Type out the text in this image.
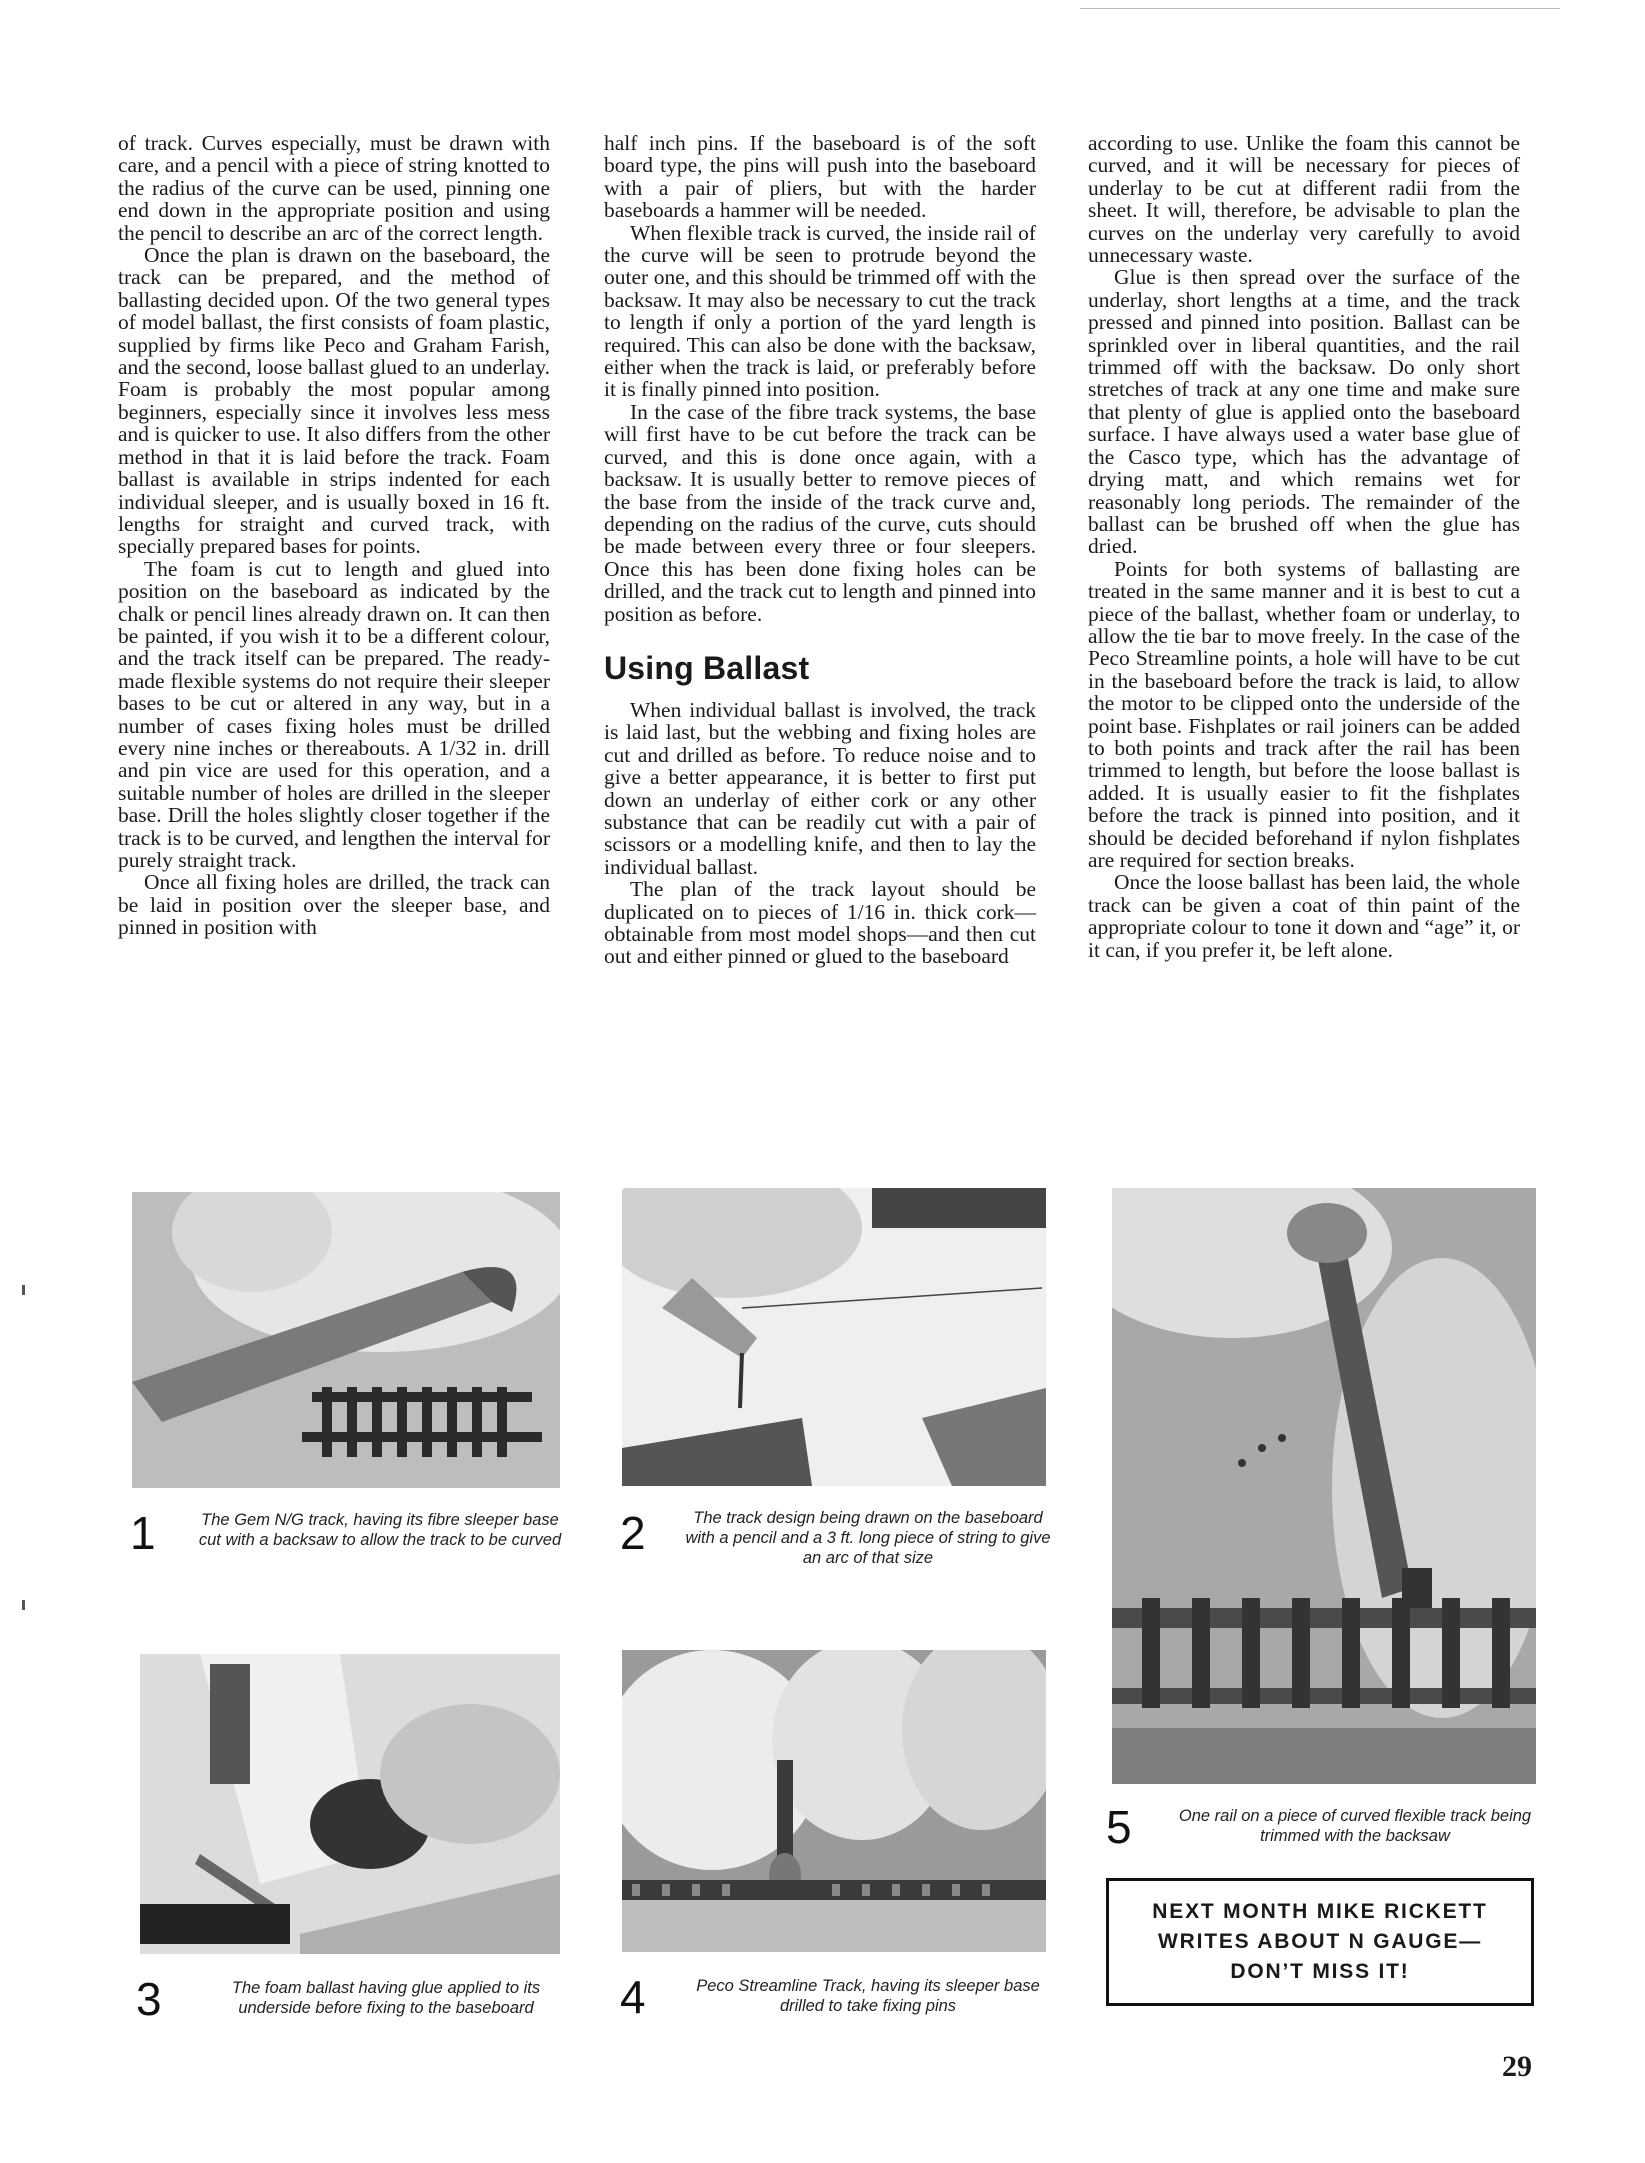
of track. Curves especially, must be drawn with care, and a pencil with a piece of string knotted to the radius of the curve can be used, pinning one end down in the appropriate position and using the pencil to describe an arc of the correct length.

Once the plan is drawn on the baseboard, the track can be prepared, and the method of ballasting decided upon. Of the two general types of model ballast, the first consists of foam plastic, supplied by firms like Peco and Graham Farish, and the second, loose ballast glued to an underlay. Foam is probably the most popular among beginners, especially since it involves less mess and is quicker to use. It also differs from the other method in that it is laid before the track. Foam ballast is available in strips indented for each individual sleeper, and is usually boxed in 16 ft. lengths for straight and curved track, with specially prepared bases for points.

The foam is cut to length and glued into position on the baseboard as indicated by the chalk or pencil lines already drawn on. It can then be painted, if you wish it to be a different colour, and the track itself can be prepared. The ready-made flexible systems do not require their sleeper bases to be cut or altered in any way, but in a number of cases fixing holes must be drilled every nine inches or thereabouts. A 1/32 in. drill and pin vice are used for this operation, and a suitable number of holes are drilled in the sleeper base. Drill the holes slightly closer together if the track is to be curved, and lengthen the interval for purely straight track.

Once all fixing holes are drilled, the track can be laid in position over the sleeper base, and pinned in position with

half inch pins. If the baseboard is of the soft board type, the pins will push into the baseboard with a pair of pliers, but with the harder baseboards a hammer will be needed.

When flexible track is curved, the inside rail of the curve will be seen to protrude beyond the outer one, and this should be trimmed off with the backsaw. It may also be necessary to cut the track to length if only a portion of the yard length is required. This can also be done with the backsaw, either when the track is laid, or preferably before it is finally pinned into position.

In the case of the fibre track systems, the base will first have to be cut before the track can be curved, and this is done once again, with a backsaw. It is usually better to remove pieces of the base from the inside of the track curve and, depending on the radius of the curve, cuts should be made between every three or four sleepers. Once this has been done fixing holes can be drilled, and the track cut to length and pinned into position as before.

Using Ballast

When individual ballast is involved, the track is laid last, but the webbing and fixing holes are cut and drilled as before. To reduce noise and to give a better appearance, it is better to first put down an underlay of either cork or any other substance that can be readily cut with a pair of scissors or a modelling knife, and then to lay the individual ballast.

The plan of the track layout should be duplicated on to pieces of 1/16 in. thick cork—obtainable from most model shops—and then cut out and either pinned or glued to the baseboard

according to use. Unlike the foam this cannot be curved, and it will be necessary for pieces of underlay to be cut at different radii from the sheet. It will, therefore, be advisable to plan the curves on the underlay very carefully to avoid unnecessary waste.

Glue is then spread over the surface of the underlay, short lengths at a time, and the track pressed and pinned into position. Ballast can be sprinkled over in liberal quantities, and the rail trimmed off with the backsaw. Do only short stretches of track at any one time and make sure that plenty of glue is applied onto the baseboard surface. I have always used a water base glue of the Casco type, which has the advantage of drying matt, and which remains wet for reasonably long periods. The remainder of the ballast can be brushed off when the glue has dried.

Points for both systems of ballasting are treated in the same manner and it is best to cut a piece of the ballast, whether foam or underlay, to allow the tie bar to move freely. In the case of the Peco Streamline points, a hole will have to be cut in the baseboard before the track is laid, to allow the motor to be clipped onto the underside of the point base. Fishplates or rail joiners can be added to both points and track after the rail has been trimmed to length, but before the loose ballast is added. It is usually easier to fit the fishplates before the track is pinned into position, and it should be decided beforehand if nylon fishplates are required for section breaks.

Once the loose ballast has been laid, the whole track can be given a coat of thin paint of the appropriate colour to tone it down and “age” it, or it can, if you prefer it, be left alone.

1	The Gem N/G track, having its fibre sleeper base cut with a backsaw to allow the track to be curved 2	The track design being drawn on the baseboard with a pencil and a 3 ft. long piece of string to give an arc of that size
3	The foam ballast having glue applied to its underside before fixing to the baseboard	4	Peco Streamline Track, having its sleeper base drilled to take fixing pins
5	One rail on a piece of curved flexible track being trimmed with the backsaw
NEXT MONTH MIKE RICKETT WRITES ABOUT N GAUGE— DON’T MISS IT!
29
